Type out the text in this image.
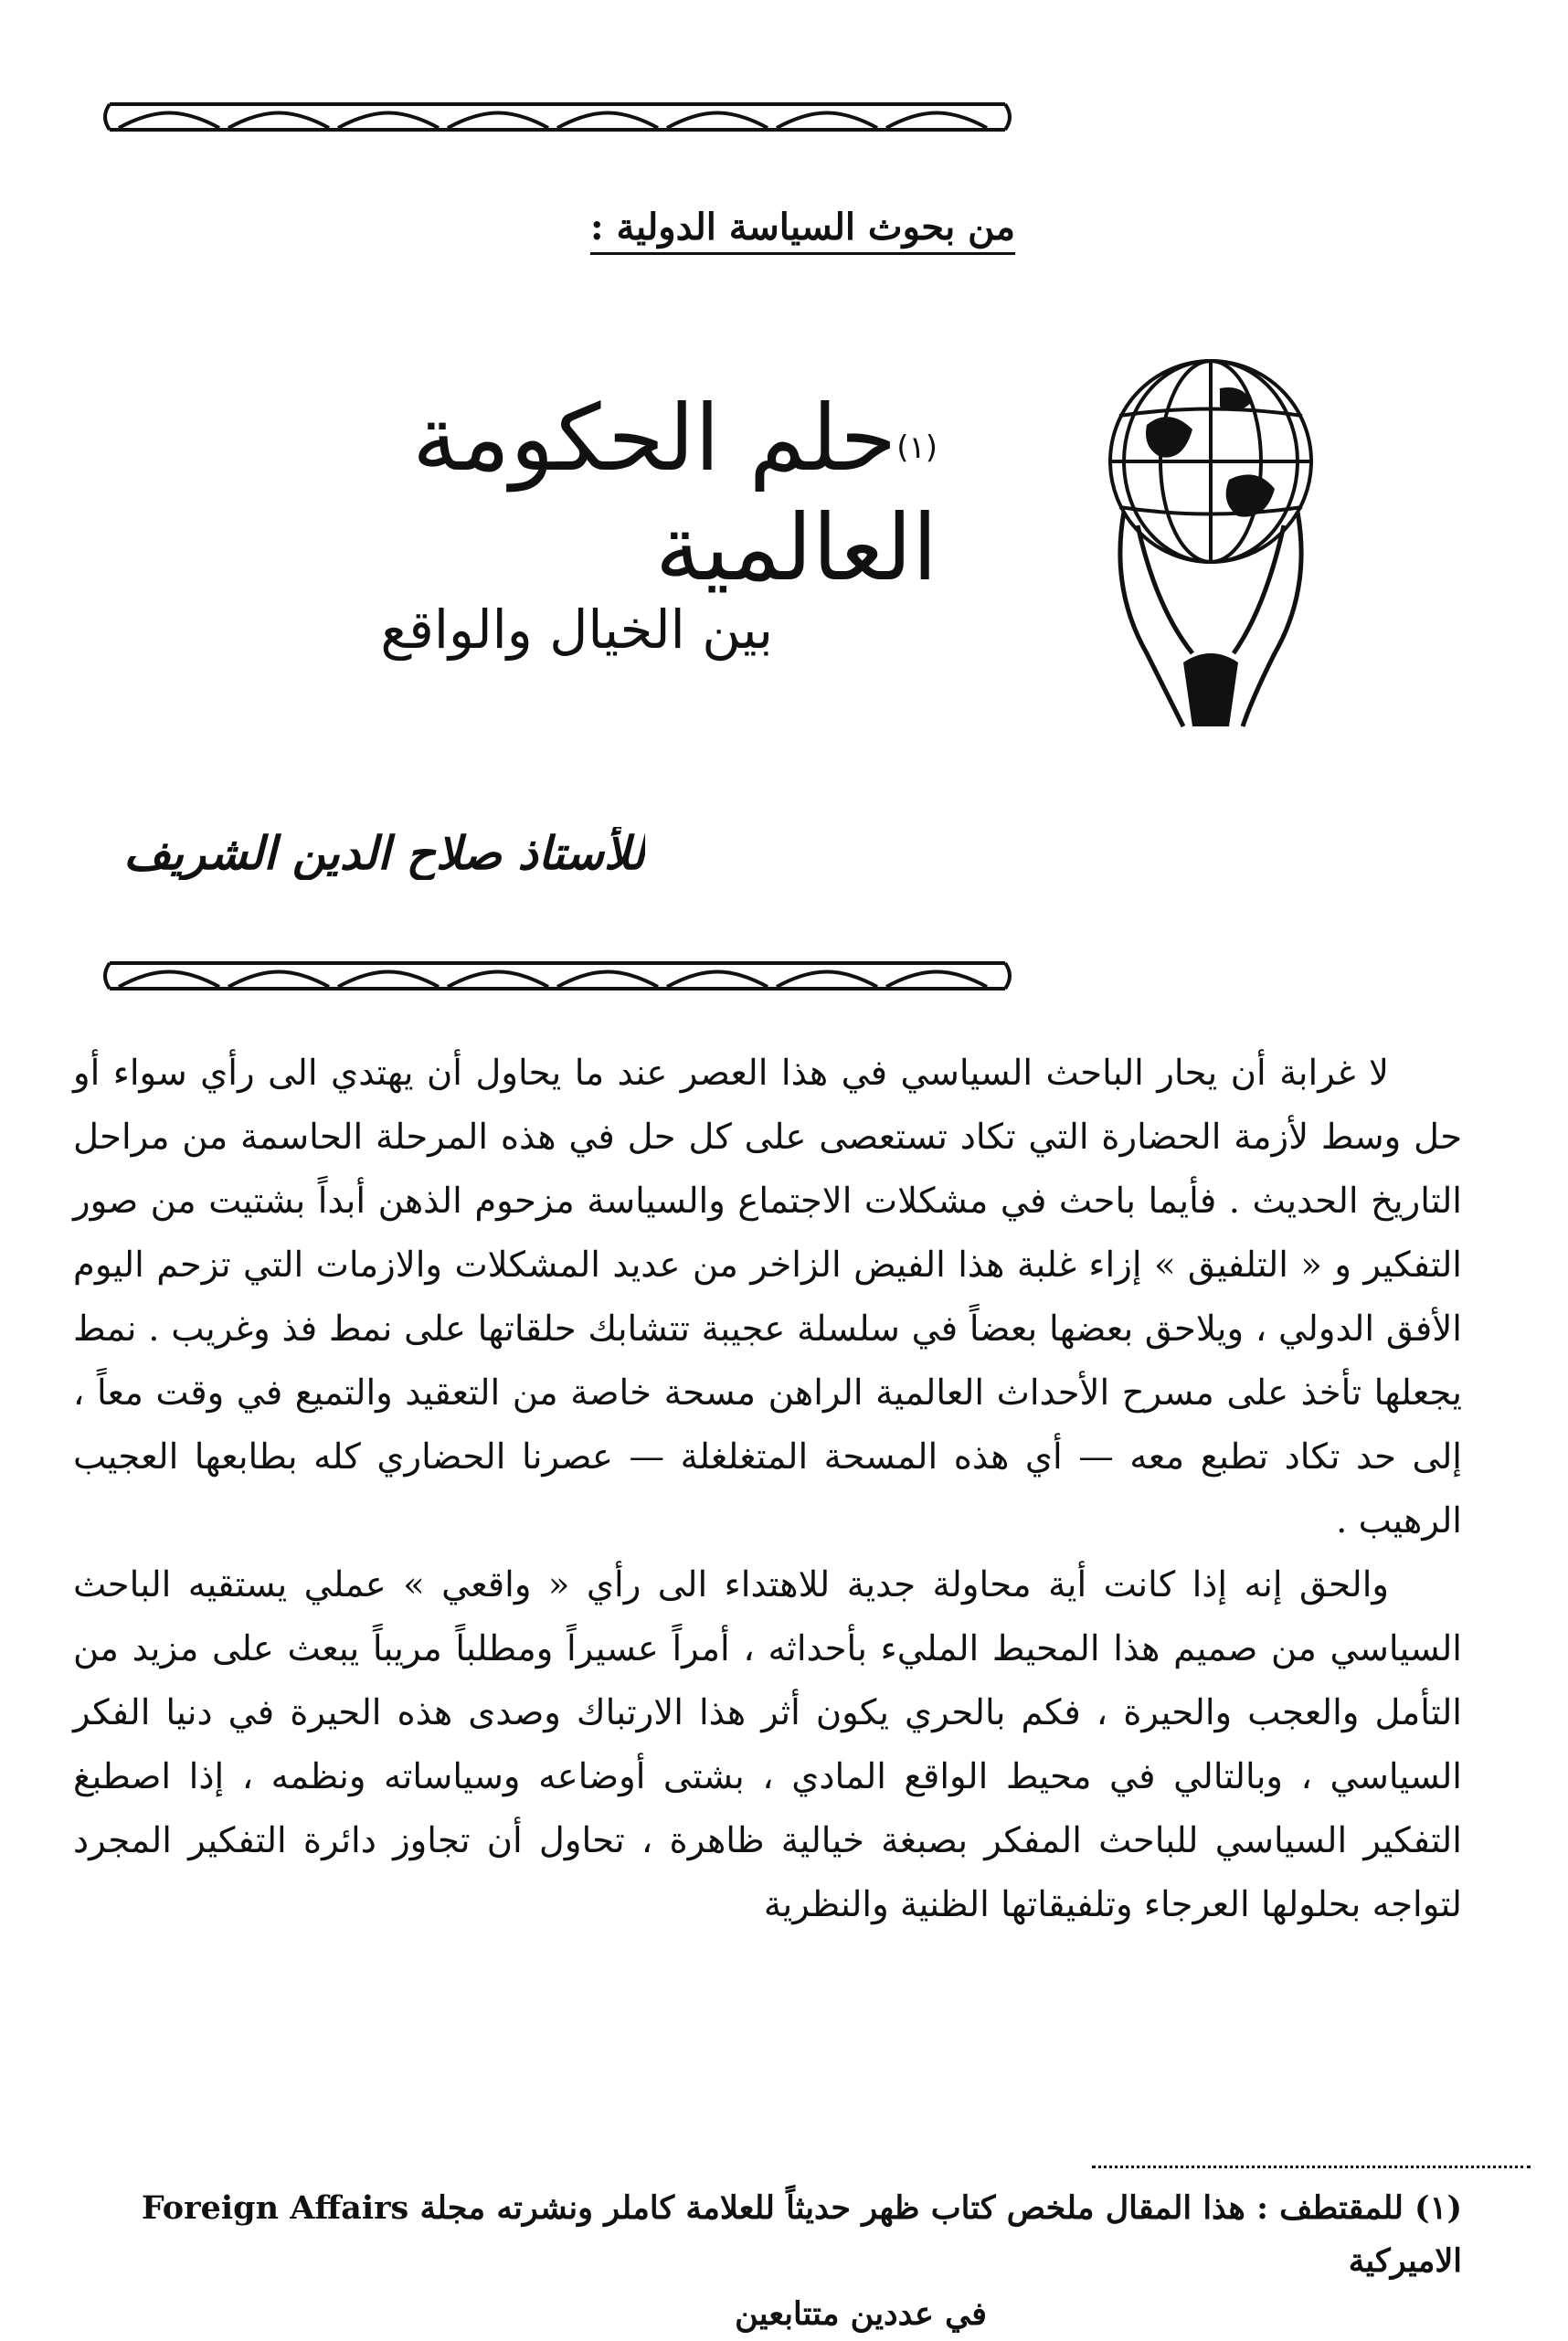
من بحوث السياسة الدولية :
$^{(١)}$حلم الحكومة العالمية
بين الخيال والواقع
للأستاذ صلاح الدين الشريف

لا غرابة أن يحار الباحث السياسي في هذا العصر عند ما يحاول أن يهتدي الى رأي سواء أو حل وسط لأزمة الحضارة التي تكاد تستعصى على كل حل في هذه المرحلة الحاسمة من مراحل التاريخ الحديث . فأيما باحث في مشكلات الاجتماع والسياسة مزحوم الذهن أبداً بشتيت من صور التفكير و « التلفيق » إزاء غلبة هذا الفيض الزاخر من عديد المشكلات والازمات التي تزحم اليوم الأفق الدولي ، ويلاحق بعضها بعضاً في سلسلة عجيبة تتشابك حلقاتها على نمط فذ وغريب . نمط يجعلها تأخذ على مسرح الأحداث العالمية الراهن مسحة خاصة من التعقيد والتميع في وقت معاً ، إلى حد تكاد تطبع معه — أي هذه المسحة المتغلغلة — عصرنا الحضاري كله بطابعها العجيب الرهيب .

والحق إنه إذا كانت أية محاولة جدية للاهتداء الى رأي « واقعي » عملي يستقيه الباحث السياسي من صميم هذا المحيط المليء بأحداثه ، أمراً عسيراً ومطلباً مريباً يبعث على مزيد من التأمل والعجب والحيرة ، فكم بالحري يكون أثر هذا الارتباك وصدى هذه الحيرة في دنيا الفكر السياسي ، وبالتالي في محيط الواقع المادي ، بشتى أوضاعه وسياساته ونظمه ، إذا اصطبغ التفكير السياسي للباحث المفكر بصبغة خيالية ظاهرة ، تحاول أن تجاوز دائرة التفكير المجرد لتواجه بحلولها العرجاء وتلفيقاتها الظنية والنظرية

(١) للمقتطف : هذا المقال ملخص كتاب ظهر حديثاً للعلامة كاملر ونشرته مجلة Foreign Affairs الاميركية
في عددين متتابعين
